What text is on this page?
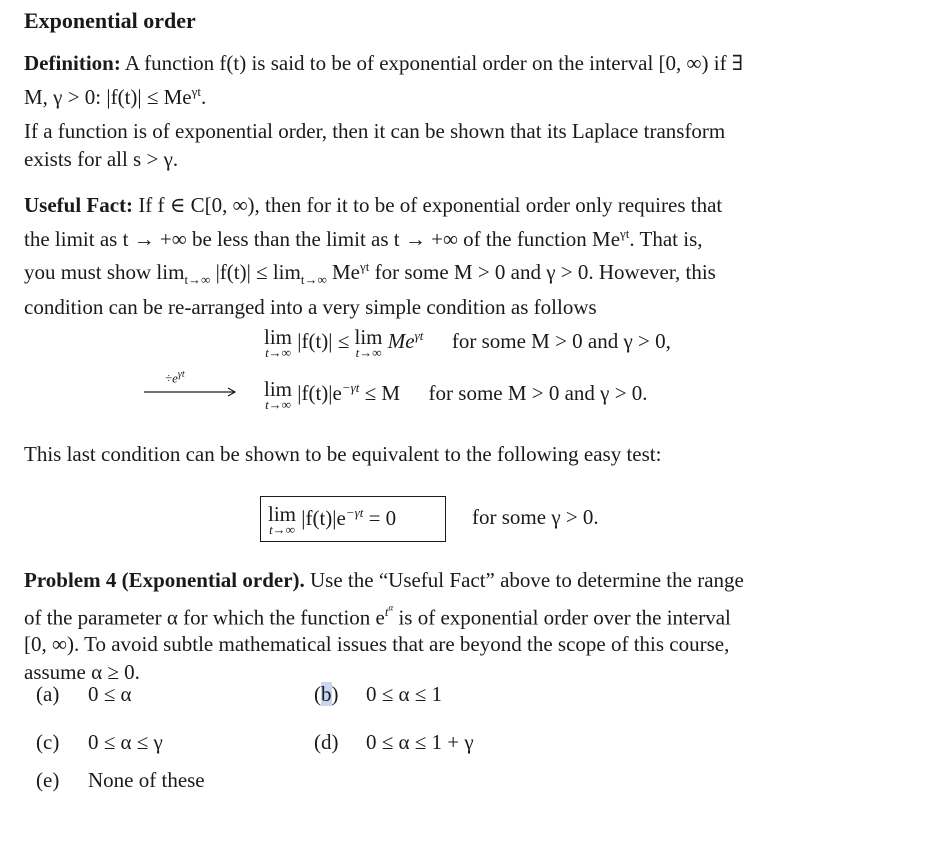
Exponential order

Definition: A function f(t) is said to be of exponential order on the interval [0, ∞) if ∃
M, γ > 0: $|f(t)| \le Me^{\gamma t}$.

If a function is of exponential order, then it can be shown that its Laplace transform
exists for all s > γ.

Useful Fact: If f ∈ C[0, ∞), then for it to be of exponential order only requires that
the limit as t → +∞ be less than the limit as t → +∞ of the function $Me^{\gamma t}$. That is,
you must show $\lim_{t\to\infty} |f(t)| \le \lim_{t\to\infty} Me^{\gamma t}$ for some M > 0 and γ > 0. However, this
condition can be re-arranged into a very simple condition as follows

lim
t→∞ |f(t)| ≤ lim
t→∞ $Me^{\gamma t}$ for some M > 0 and γ > 0,
$\div e^{\gamma t}$
lim
t→∞ $|f(t)|e^{-\gamma t} \le M$ for some M > 0 and γ > 0.

This last condition can be shown to be equivalent to the following easy test:

lim
t→∞ $|f(t)|e^{-\gamma t} = 0$	for some γ > 0.

Problem 4 (Exponential order). Use the “Useful Fact” above to determine the range
of the parameter α for which the function $e^{t^\alpha}$ is of exponential order over the interval
[0, ∞). To avoid subtle mathematical issues that are beyond the scope of this course,
assume α ≥ 0.

(a) 0 ≤ α	(b) 0 ≤ α ≤ 1
(c) 0 ≤ α ≤ γ	(d) 0 ≤ α ≤ 1 + γ
(e) None of these
